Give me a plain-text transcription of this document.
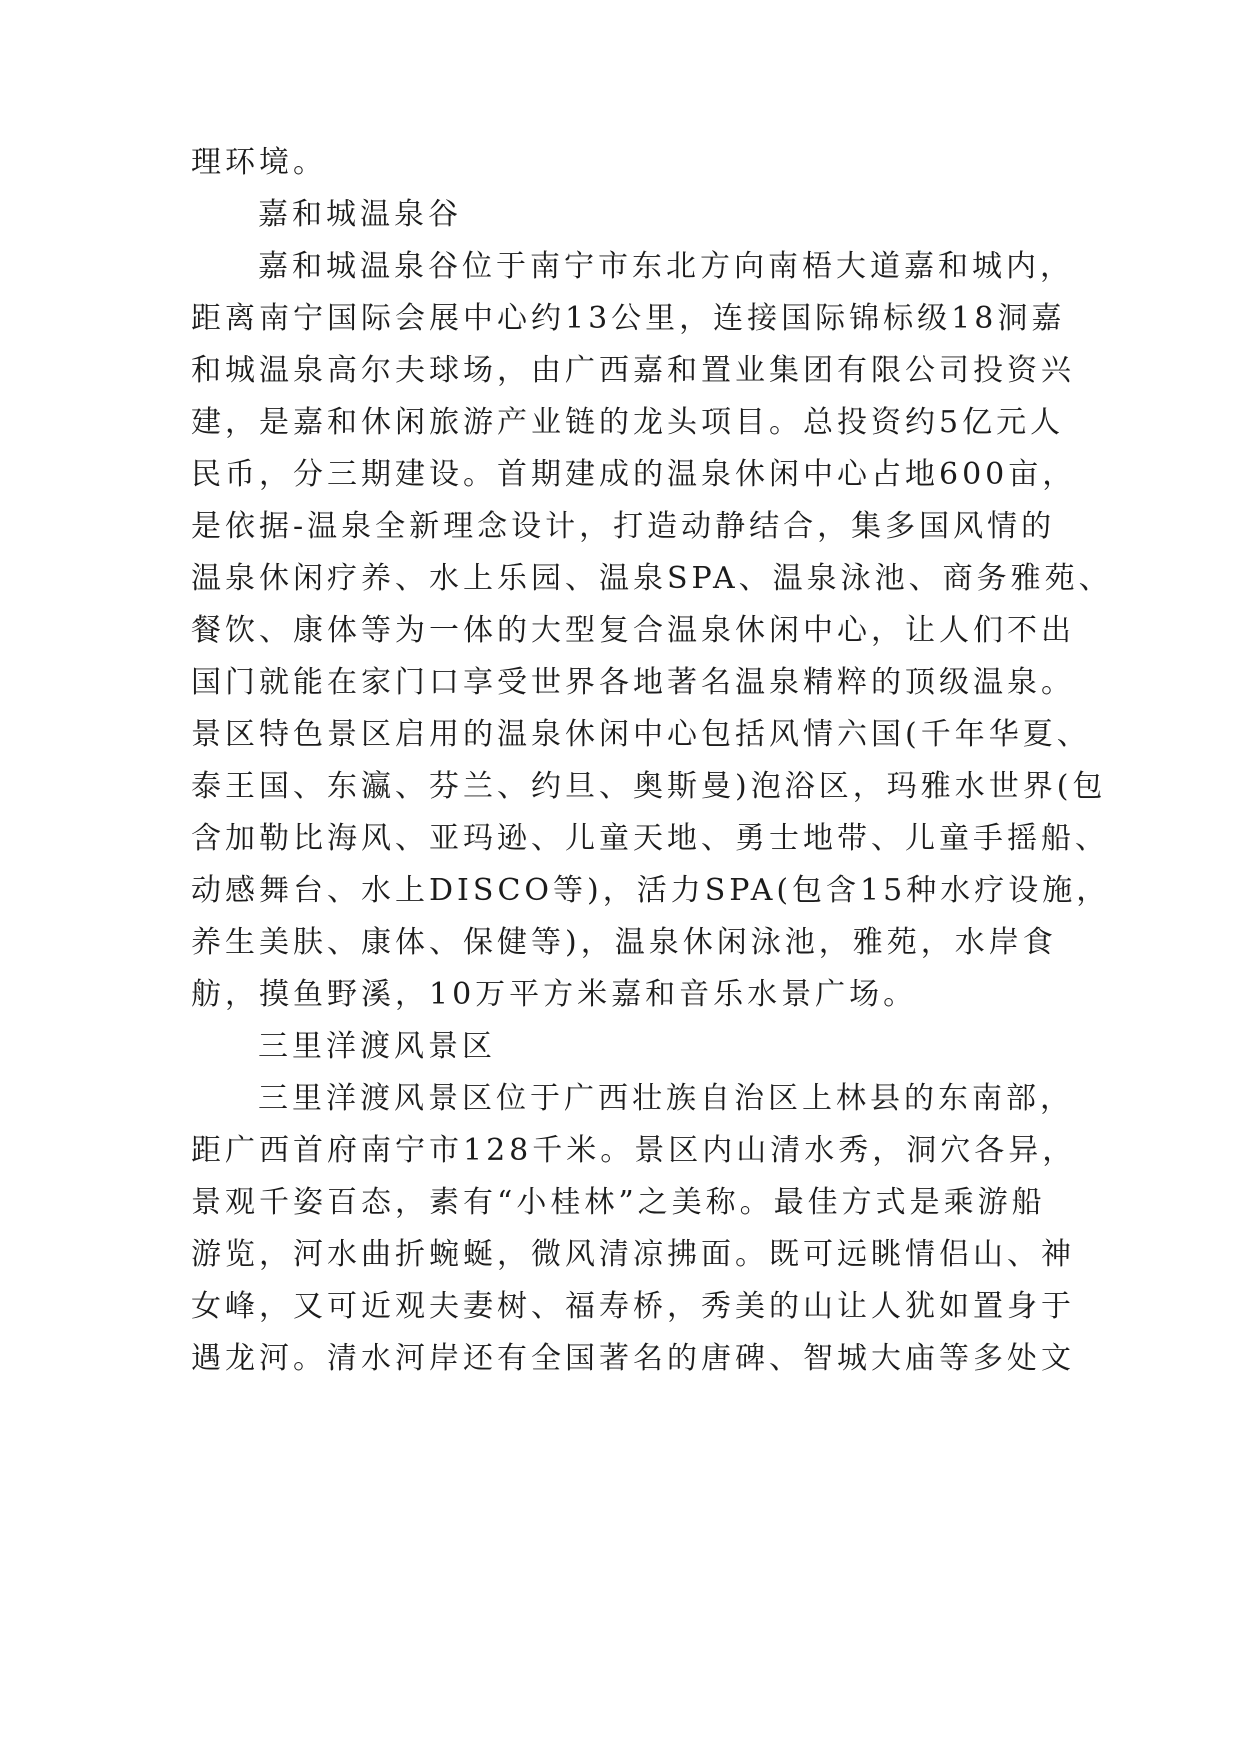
理环境。
嘉和城温泉谷
嘉和城温泉谷位于南宁市东北方向南梧大道嘉和城内，
距离南宁国际会展中心约13公里，连接国际锦标级18洞嘉
和城温泉高尔夫球场，由广西嘉和置业集团有限公司投资兴
建，是嘉和休闲旅游产业链的龙头项目。总投资约5亿元人
民币，分三期建设。首期建成的温泉休闲中心占地600亩，
是依据-温泉全新理念设计，打造动静结合，集多国风情的
温泉休闲疗养、水上乐园、温泉SPA、温泉泳池、商务雅苑、
餐饮、康体等为一体的大型复合温泉休闲中心，让人们不出
国门就能在家门口享受世界各地著名温泉精粹的顶级温泉。
景区特色景区启用的温泉休闲中心包括风情六国(千年华夏、
泰王国、东瀛、芬兰、约旦、奥斯曼)泡浴区，玛雅水世界(包
含加勒比海风、亚玛逊、儿童天地、勇士地带、儿童手摇船、
动感舞台、水上DISCO等)，活力SPA(包含15种水疗设施，
养生美肤、康体、保健等)，温泉休闲泳池，雅苑，水岸食
舫，摸鱼野溪，10万平方米嘉和音乐水景广场。
三里洋渡风景区
三里洋渡风景区位于广西壮族自治区上林县的东南部，
距广西首府南宁市128千米。景区内山清水秀，洞穴各异，
景观千姿百态，素有“小桂林”之美称。最佳方式是乘游船
游览，河水曲折蜿蜒，微风清凉拂面。既可远眺情侣山、神
女峰，又可近观夫妻树、福寿桥，秀美的山让人犹如置身于
遇龙河。清水河岸还有全国著名的唐碑、智城大庙等多处文
